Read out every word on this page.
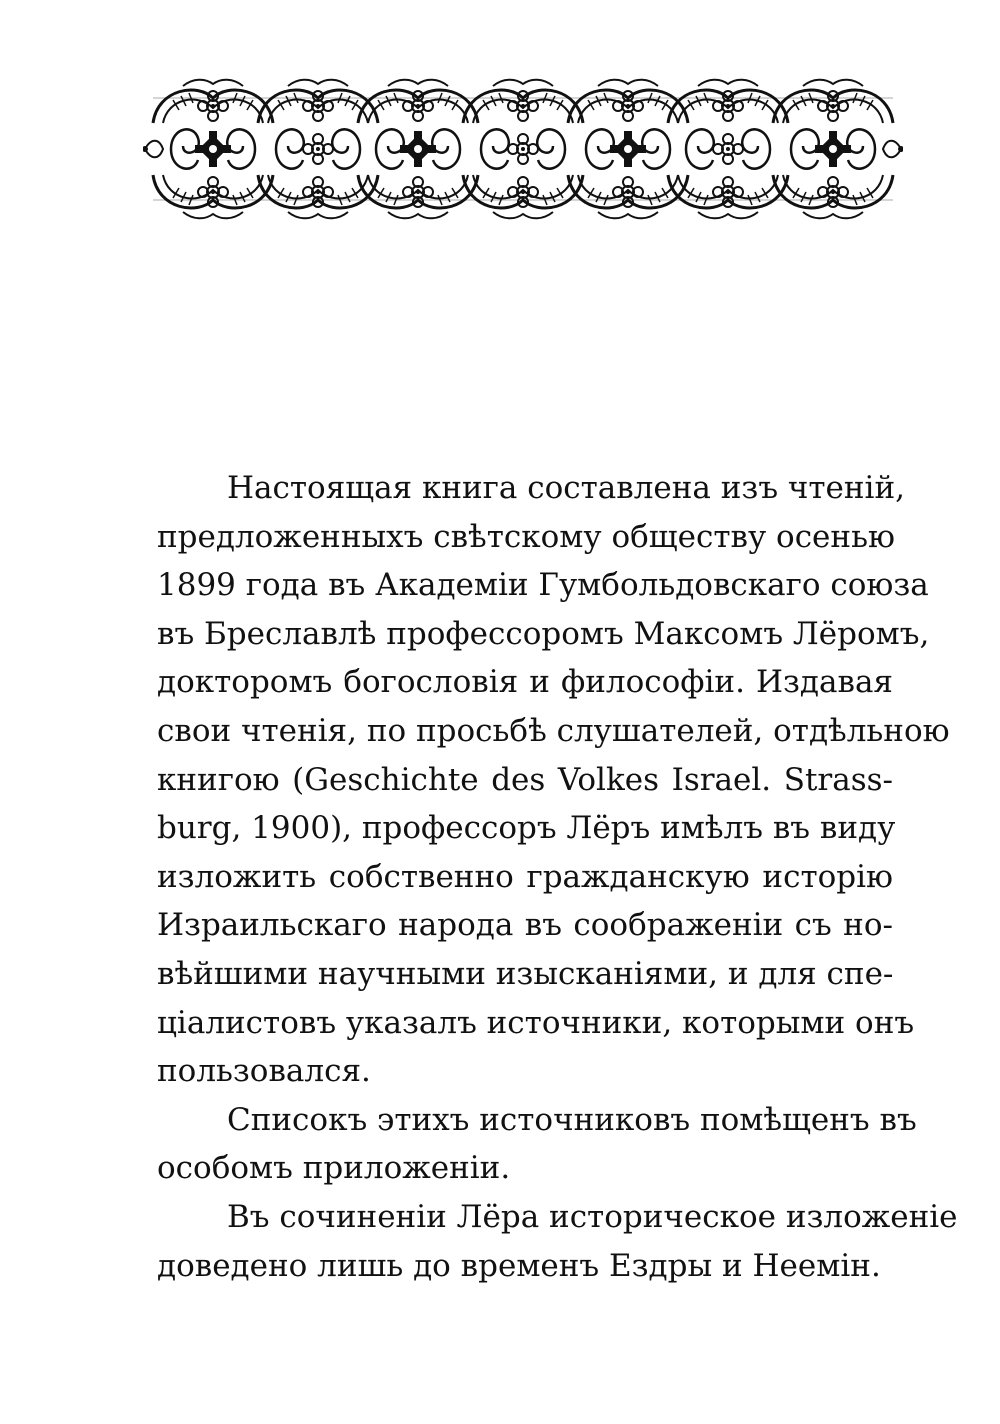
Настоящая книга составлена изъ чтеній,
предложенныхъ свѣтскому обществу осенью
1899 года въ Академіи Гумбольдовскаго союза
въ Бреславлѣ профессоромъ Максомъ Лёромъ,
докторомъ богословія и философіи. Издавая
свои чтенія, по просьбѣ слушателей, отдѣльною
книгою (Geschichte des Volkes Israel. Strass-
burg, 1900), профессоръ Лёръ имѣлъ въ виду
изложить собственно гражданскую исторію
Израильскаго народа въ соображеніи съ но-
вѣйшими научными изысканіями, и для спе-
ціалистовъ указалъ источники, которыми онъ
пользовался.

Списокъ этихъ источниковъ помѣщенъ въ
особомъ приложеніи.

Въ сочиненіи Лёра историческое изложеніе
доведено лишь до временъ Ездры и Неемін.
